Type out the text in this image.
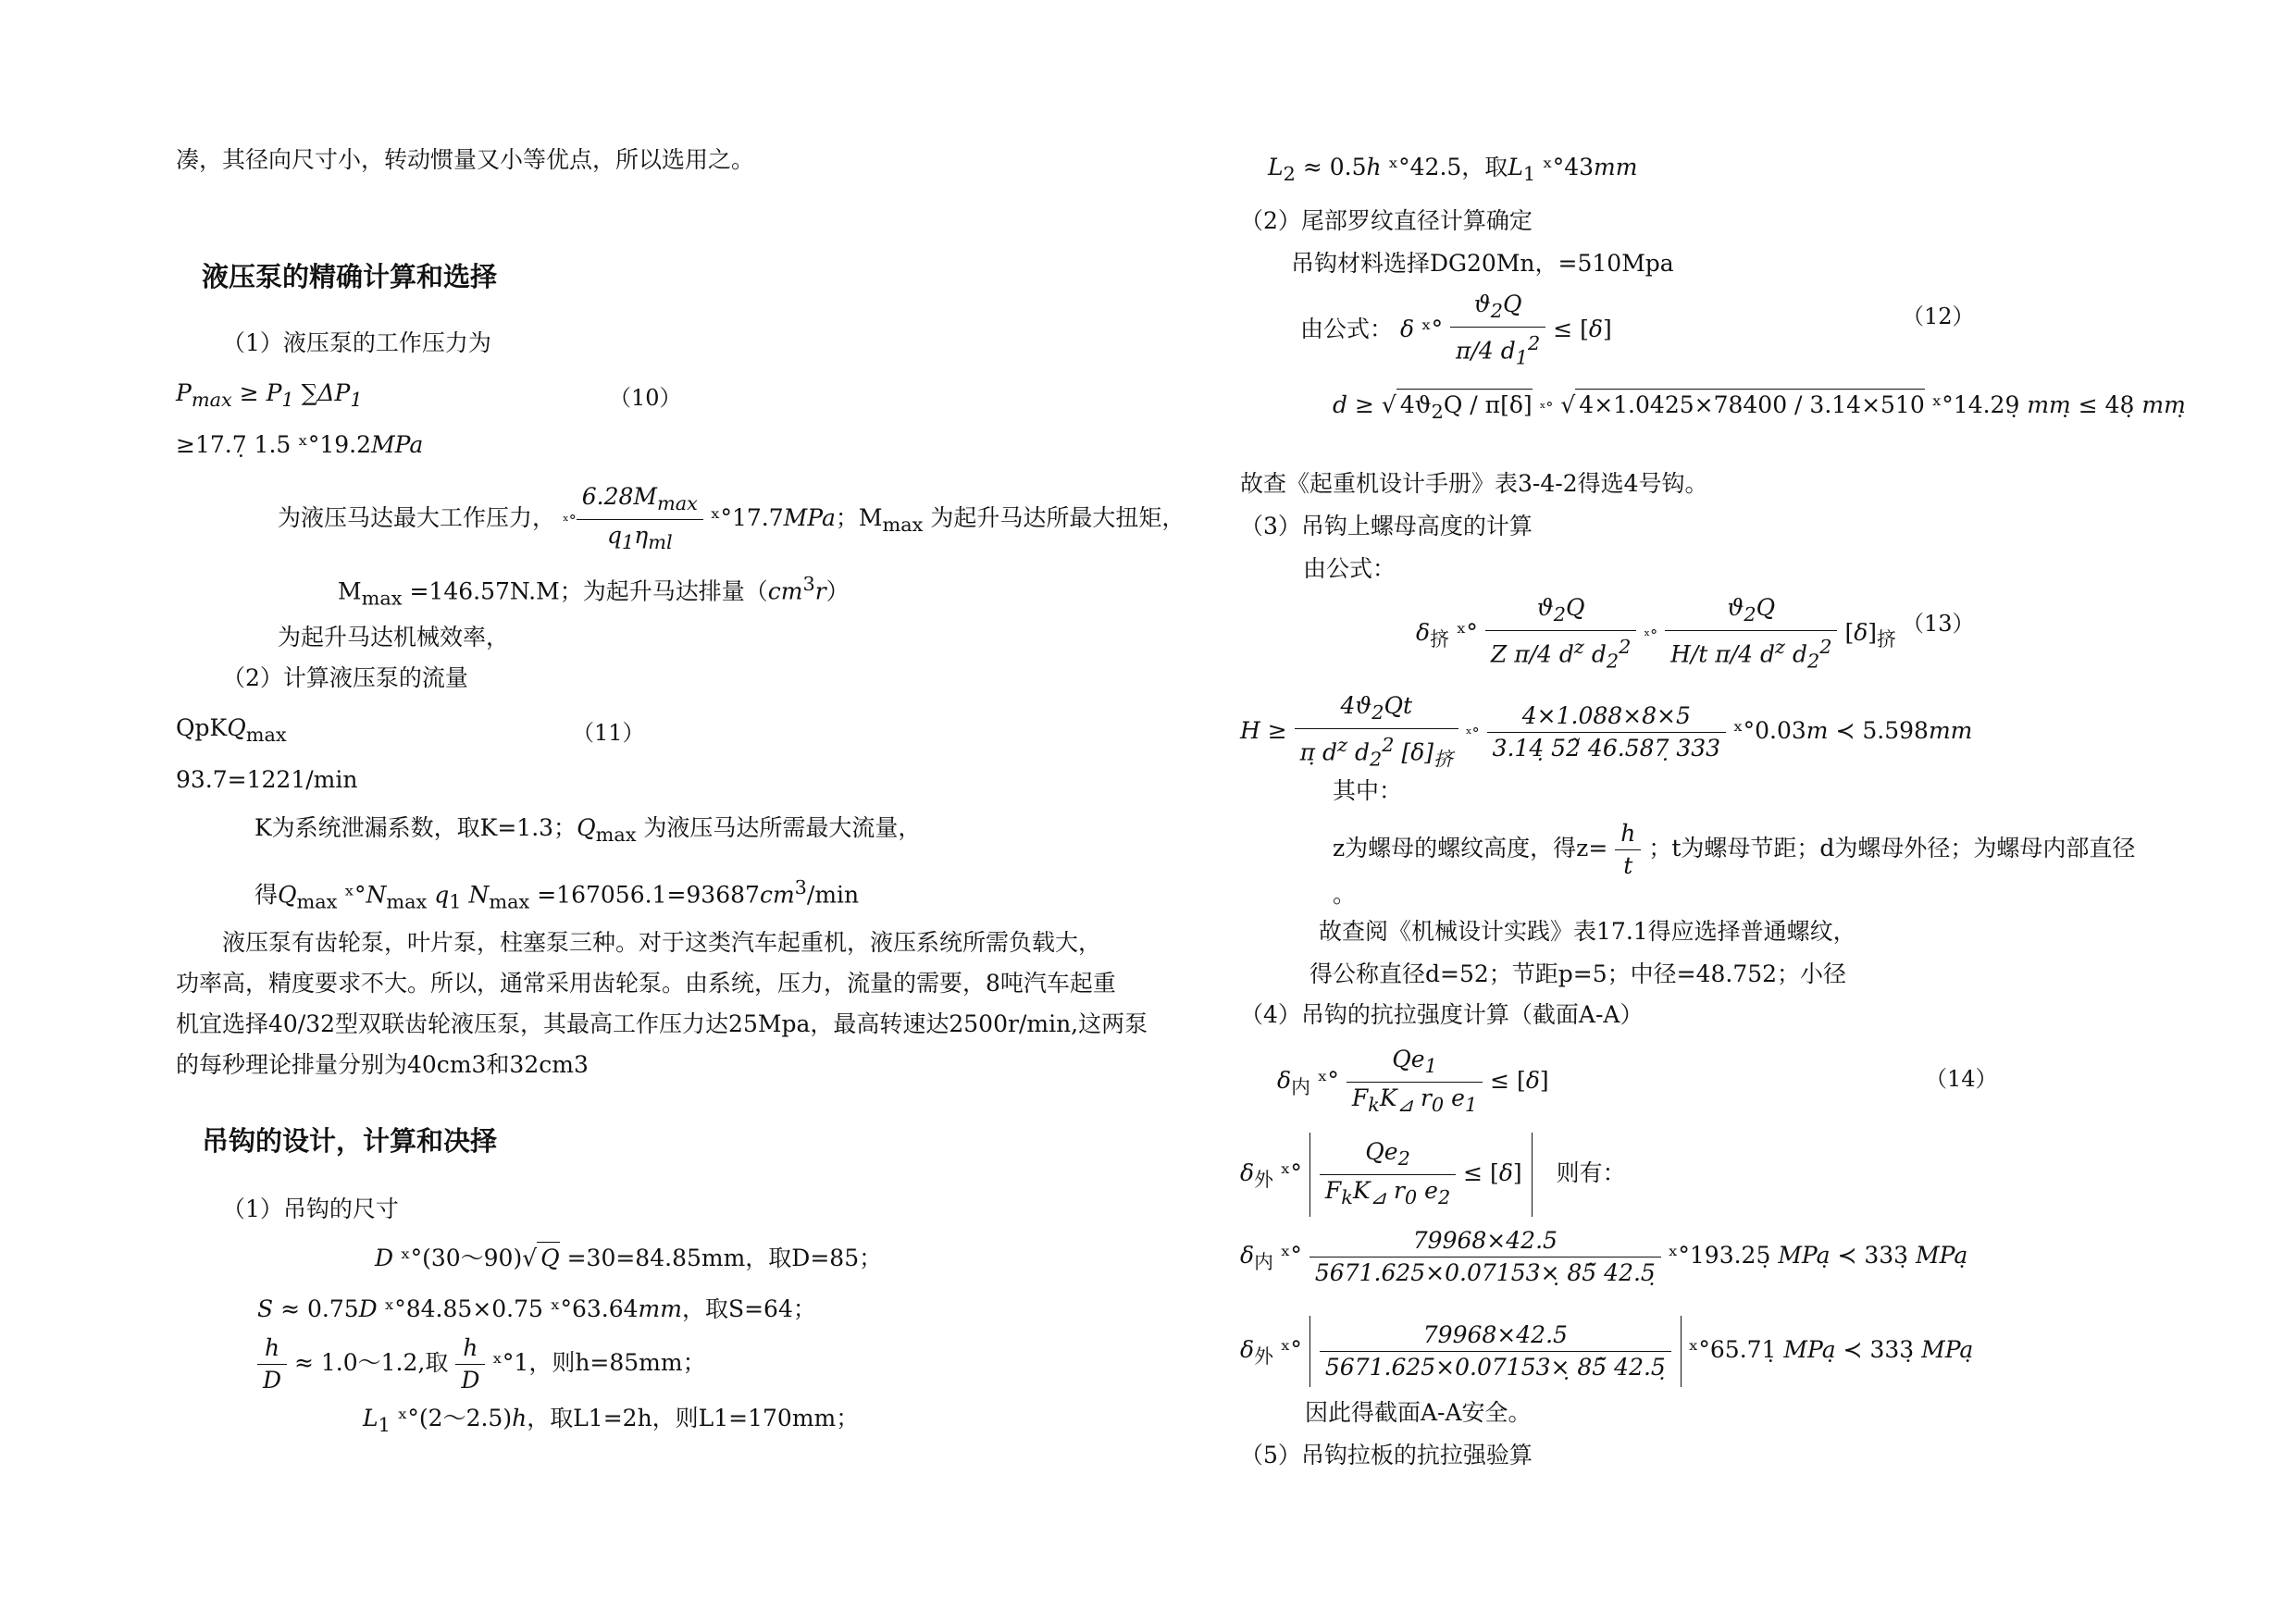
凑，其径向尺寸小，转动惯量又小等优点，所以选用之。
液压泵的精确计算和选择
（1）液压泵的工作压力为
$P_{max} \ge P_1$ $\sum\Delta P_1$	（10）
≥17.7̣ 1.5 ˣ°19.2MPa
为液压马达最大工作压力， ˣ° $\frac{6.28M_{max}}{q_1\eta_{ml}}$ ˣ°17.7MPa；$M_{max}$ 为起升马达所最大扭矩，
$M_{max} =146.57N.M$；为起升马达排量$(cm^3r)$
为起升马达机械效率，
（2）计算液压泵的流量
QpKQ$_{max}$	（11）
93.7=1221/min
K为系统泄漏系数，取K=1.3；$Q_{max}$ 为液压马达所需最大流量，
得$Q_{max}$ $ˣ^\circ N_{max}$ $q_1$ $N_{max} =167056.1=93687cm^3/\min$
液压泵有齿轮泵，叶片泵，柱塞泵三种。对于这类汽车起重机，液压系统所需负载大，
功率高，精度要求不大。所以，通常采用齿轮泵。由系统，压力，流量的需要，8吨汽车起重
机宜选择40/32型双联齿轮液压泵，其最高工作压力达25Mpa，最高转速达2500r/min,这两泵
的每秒理论排量分别为40cm3和32cm3
吊钩的设计，计算和决择
（1）吊钩的尺寸
D ˣ°(30～90)√ Q =30=84.85mm，取D=85；
S ≈ 0.75D ˣ°84.85×0.75 ˣ°63.64mm，取S=64；
$\frac{h}{D}$ ≈ 1.0～1.2,取 $\frac{h}{D}$ ˣ°1，则h=85mm；
$L_1$ ˣ°(2～2.5)h，取L1=2h，则L1=170mm；
$L_2 \approx 0.5h$ ˣ°42.5，取$L_1$ ˣ°43mm
（2）尾部罗纹直径计算确定
吊钩材料选择DG20Mn，=510Mpa
由公式： δ ˣ° $\frac{ϑ_2Q}{\pi/4 d_1^2} \le [\delta]$	（12）
d ≥ √ $4ϑ_2Q / \pi[\delta]$ ˣ° √ 4×1.0425×78400 / 3.14×510 ˣ°14.29̣ mṃ ≤ 48̣ mm
故查《起重机设计手册》表3-4-2得选4号钩。
（3）吊钩上螺母高度的计算
由公式：
$\delta_挤$ ˣ° $\frac{ϑ_2Q}{Z \pi/4 d^z d_2^2}$ ˣ° $\frac{ϑ_2Q}{H/t \pi/4 d^z d_2^2} [\delta]_挤$
（13）
$H \ge \frac{4ϑ_2Qt}{\pị d^z d_2^2 [\delta]_挤}$ ˣ° $\frac{4\times 1.088\times 8\times 5}{3.14̣ 52̃ 46.587̣ 333}$ ˣ°0.03m ≺ 5.598mm
其中：
z为螺母的螺纹高度，得$z= \frac{h}{t}$ ；t为螺母节距；d为螺母外径；为螺母内部直径
。
故查阅《机械设计实践》表17.1得应选择普通螺纹，
得公称直径d=52；节距p=5；中径=48.752；小径
（4）吊钩的抗拉强度计算（截面A-A）
$\delta_内$ ˣ° $\frac{Qe_1}{F_kK_⊿ r_0 e_1} \le [\delta]$	（14）
$\delta_外$ ˣ° $\frac{Qe_2}{F_kK_⊿ r_0 e_2} \le [\delta]$ 则有：
$\delta_内$ ˣ° $\frac{79968\times 42.5}{5671.625\times 0.07153\timeṣ 85̃ 42.5̣}$ ˣ°193.25̣ MPạ ≺ 333̣ MPa
$\delta_外$ ˣ° $\frac{79968\times 42.5}{5671.625\times 0.07153\timeṣ 85̃ 42.5̣}$ ˣ°65.71̣ MPạ ≺ 333̣ MPa
因此得截面A-A安全。
（5）吊钩拉板的抗拉强验算
